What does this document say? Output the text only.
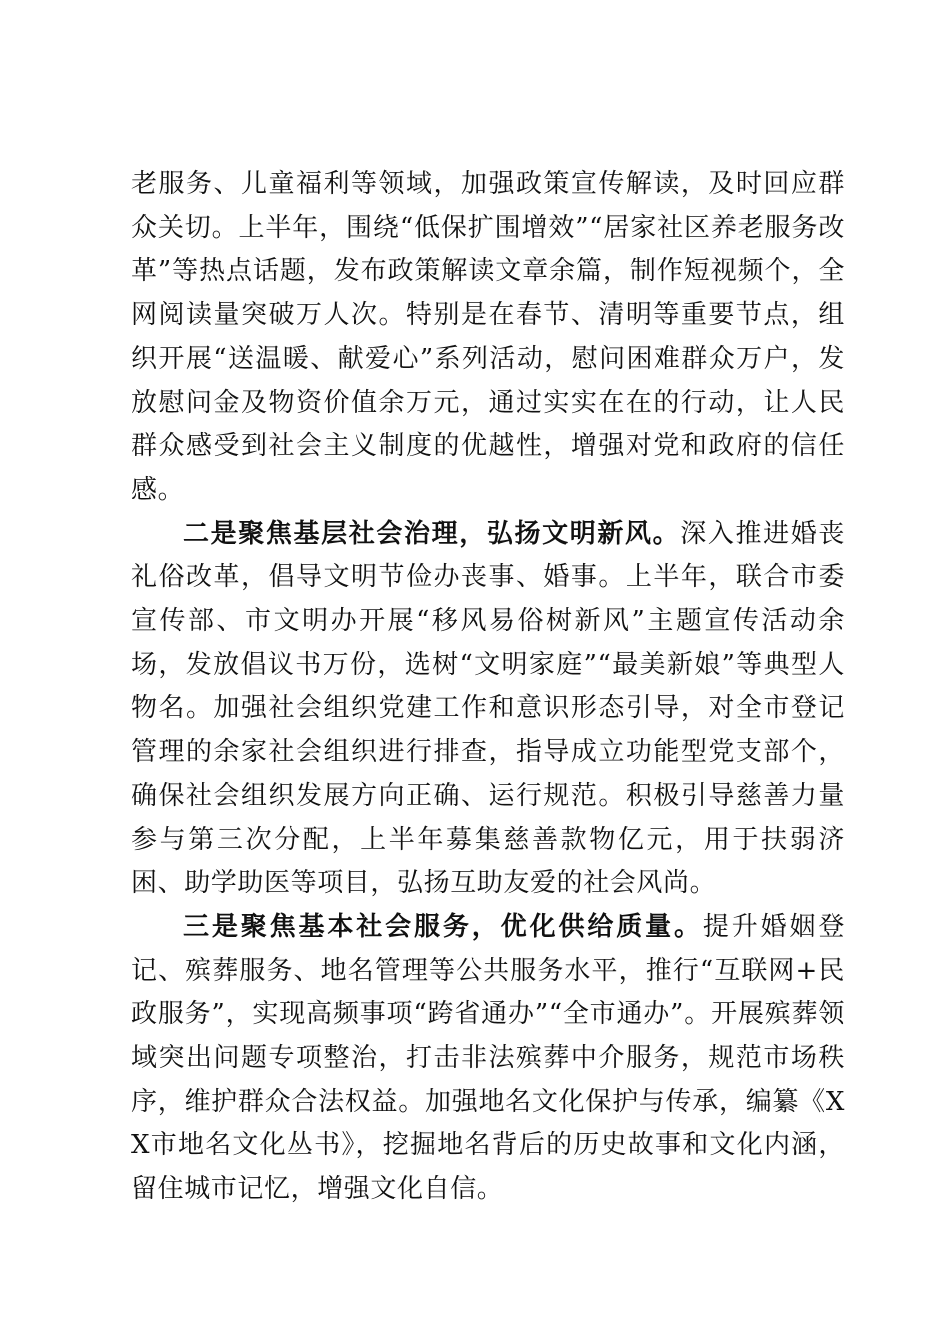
老服务、儿童福利等领域，加强政策宣传解读，及时回应群众关切。上半年，围绕“低保扩围增效”“居家社区养老服务改革”等热点话题，发布政策解读文章余篇，制作短视频个，全网阅读量突破万人次。特别是在春节、清明等重要节点，组织开展“送温暖、献爱心”系列活动，慰问困难群众万户，发放慰问金及物资价值余万元，通过实实在在的行动，让人民群众感受到社会主义制度的优越性，增强对党和政府的信任感。

二是聚焦基层社会治理，弘扬文明新风。深入推进婚丧礼俗改革，倡导文明节俭办丧事、婚事。上半年，联合市委宣传部、市文明办开展“移风易俗树新风”主题宣传活动余场，发放倡议书万份，选树“文明家庭”“最美新娘”等典型人物名。加强社会组织党建工作和意识形态引导，对全市登记管理的余家社会组织进行排查，指导成立功能型党支部个，确保社会组织发展方向正确、运行规范。积极引导慈善力量参与第三次分配，上半年募集慈善款物亿元，用于扶弱济困、助学助医等项目，弘扬互助友爱的社会风尚。

三是聚焦基本社会服务，优化供给质量。提升婚姻登记、殡葬服务、地名管理等公共服务水平，推行“互联网+民政服务”，实现高频事项“跨省通办”“全市通办”。开展殡葬领域突出问题专项整治，打击非法殡葬中介服务，规范市场秩序，维护群众合法权益。加强地名文化保护与传承，编纂《XX市地名文化丛书》，挖掘地名背后的历史故事和文化内涵，留住城市记忆，增强文化自信。
